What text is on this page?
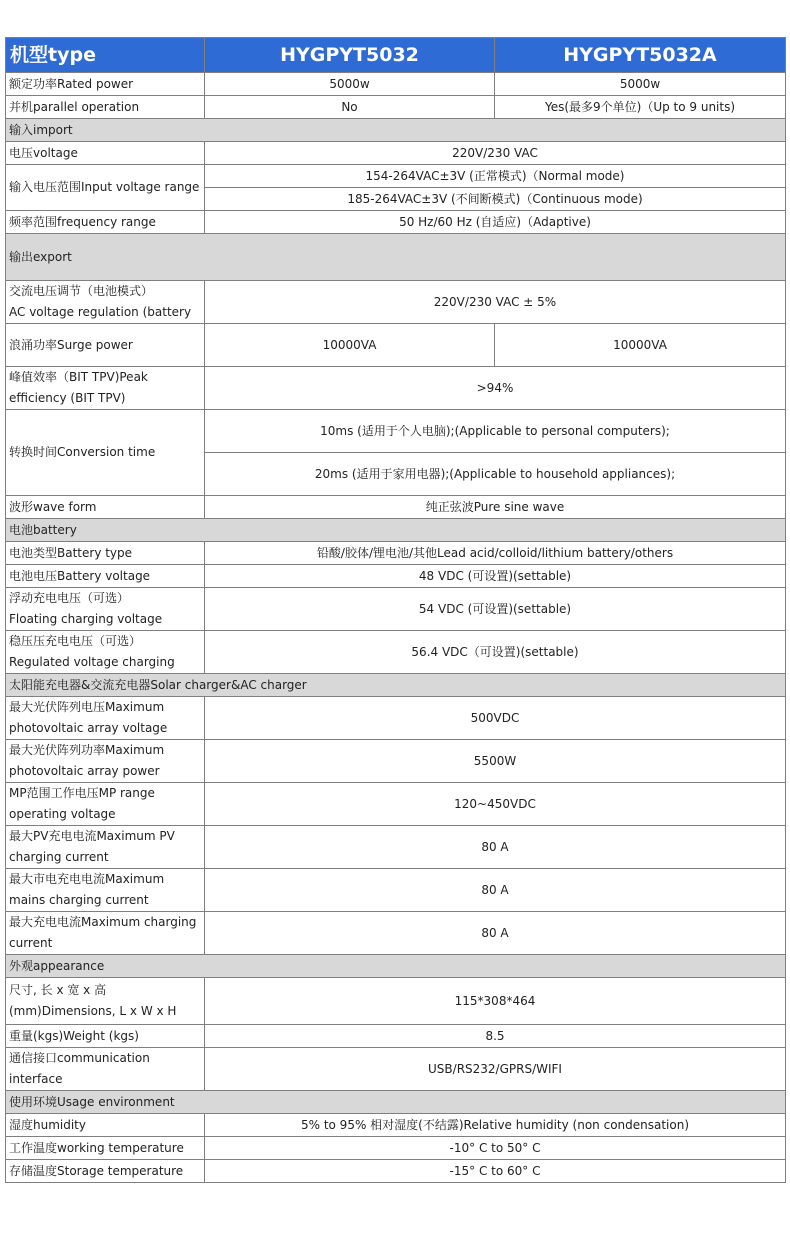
机型type	HYGPYT5032	HYGPYT5032A
额定功率Rated power	5000w	5000w
并机parallel operation	No	Yes(最多9个单位)（Up to 9 units)
输入import		
电压voltage	220V/230 VAC	
输入电压范围Input voltage range	154-264VAC±3V (正常模式)（Normal mode)	
	185-264VAC±3V (不间断模式)（Continuous mode)	
频率范围frequency range	50 Hz/60 Hz (自适应)（Adaptive)	
输出export		
交流电压调节（电池模式）
AC voltage regulation (battery	220V/230 VAC ± 5%	
浪涌功率Surge power	10000VA	10000VA
峰值效率（BIT TPV)Peak
efficiency (BIT TPV)	>94%	
转换时间Conversion time	10ms (适用于个人电脑);(Applicable to personal computers);	
	20ms (适用于家用电器);(Applicable to household appliances);	
波形wave form	纯正弦波Pure sine wave	
电池battery		
电池类型Battery type	铅酸/胶体/锂电池/其他Lead acid/colloid/lithium battery/others	
电池电压Battery voltage	48 VDC (可设置)(settable)	
浮动充电电压（可选）
Floating charging voltage	54 VDC (可设置)(settable)	
稳压压充电电压（可选）
Regulated voltage charging	56.4 VDC（可设置)(settable)	
太阳能充电器&交流充电器Solar charger&AC charger		
最大光伏阵列电压Maximum
photovoltaic array voltage	500VDC	
最大光伏阵列功率Maximum
photovoltaic array power	5500W	
MP范围工作电压MP range
operating voltage	120~450VDC	
最大PV充电电流Maximum PV
charging current	80 A	
最大市电充电电流Maximum
mains charging current	80 A	
最大充电电流Maximum charging
current	80 A	
外观appearance		
尺寸, 长 x 宽 x 高
(mm)Dimensions, L x W x H	115*308*464	
重量(kgs)Weight (kgs)	8.5	
通信接口communication
interface	USB/RS232/GPRS/WIFI	
使用环境Usage environment		
湿度humidity	5% to 95% 相对湿度(不结露)Relative humidity (non condensation)	
工作温度working temperature	-10° C to 50° C	
存储温度Storage temperature	-15° C to 60° C	
